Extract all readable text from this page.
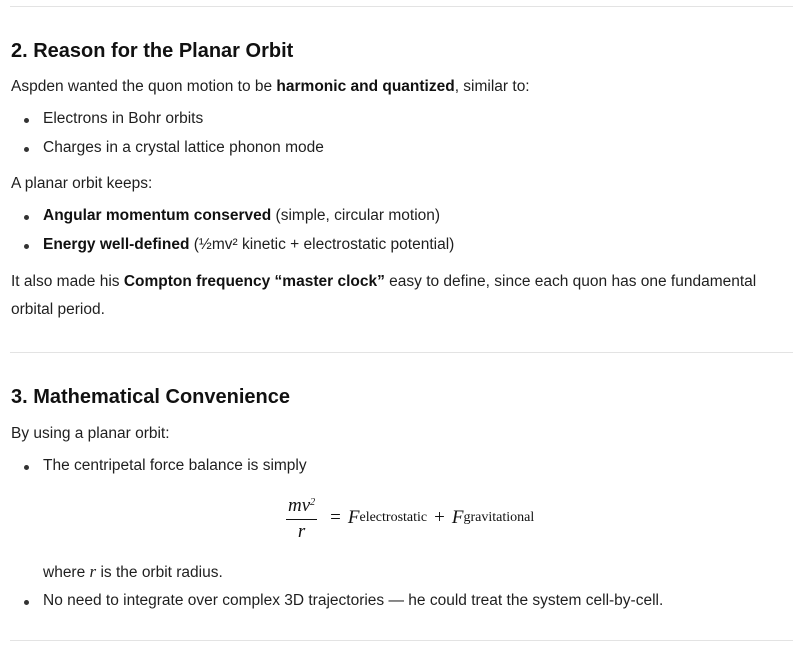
2. Reason for the Planar Orbit
Aspden wanted the quon motion to be harmonic and quantized, similar to:
Electrons in Bohr orbits
Charges in a crystal lattice phonon mode
A planar orbit keeps:
Angular momentum conserved (simple, circular motion)
Energy well-defined (½mv² kinetic + electrostatic potential)
It also made his Compton frequency “master clock” easy to define, since each quon has one fundamental orbital period.
3. Mathematical Convenience
By using a planar orbit:
The centripetal force balance is simply
$\frac{mv^2}{r} = F$ electrostatic + F gravitational
where r is the orbit radius.
No need to integrate over complex 3D trajectories — he could treat the system cell-by-cell.
